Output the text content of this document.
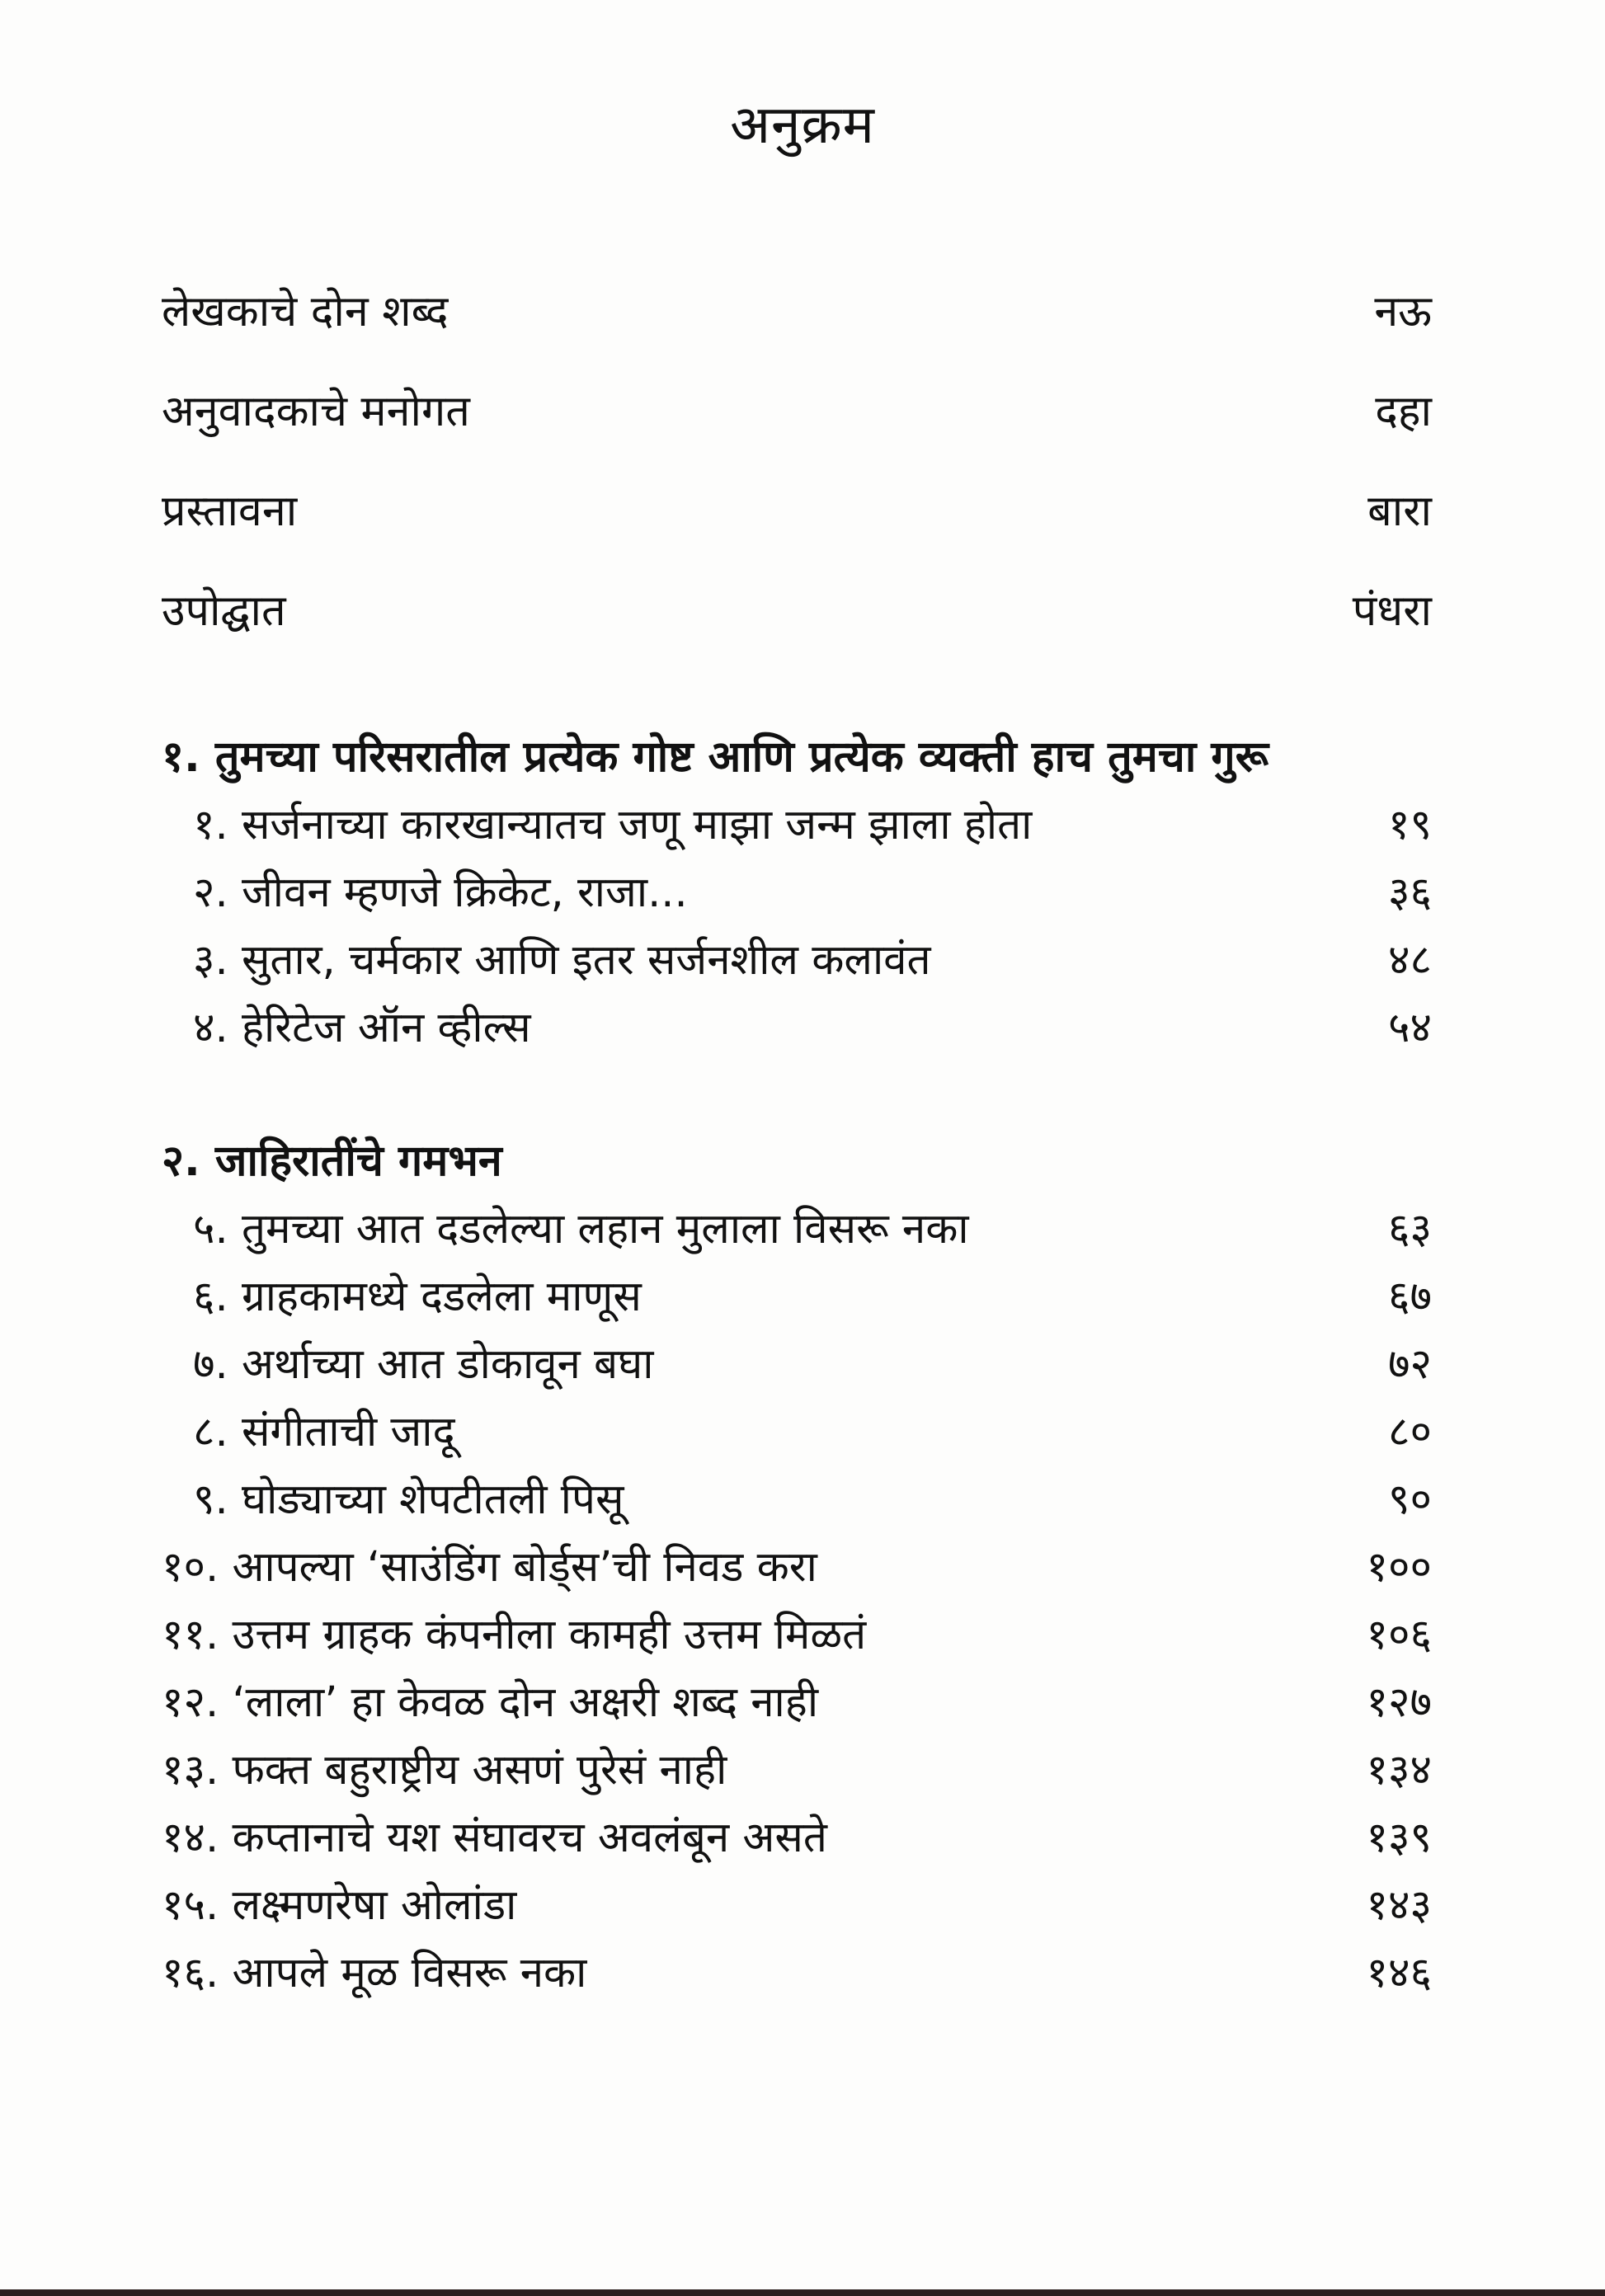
अनुक्रम
लेखकाचे दोन शब्द	नऊ
अनुवादकाचे मनोगत	दहा
प्रस्तावना	बारा
उपोद्घात	पंधरा
१. तुमच्या परिसरातील प्रत्येक गोष्ट आणि प्रत्येक व्यक्ती हाच तुमचा गुरू
१. सर्जनाच्या कारखान्यातच जणू माझा जन्म झाला होता	१९
२. जीवन म्हणजे क्रिकेट, राजा...	३६
३. सुतार, चर्मकार आणि इतर सर्जनशील कलावंत	४८
४. हेरिटेज ऑन व्हील्स	५४
२. जाहिरातींचे गमभन
५. तुमच्या आत दडलेल्या लहान मुलाला विसरू नका	६३
६. ग्राहकामध्ये दडलेला माणूस	६७
७. अर्थाच्या आत डोकावून बघा	७२
८. संगीताची जादू	८०
९. घोड्याच्या शेपटीतली पिसू	९०
१०. आपल्या ‘साउंडिंग बोर्ड्स’ची निवड करा	१००
११. उत्तम ग्राहक कंपनीला कामही उत्तम मिळतं	१०६
१२. ‘लाला’ हा केवळ दोन अक्षरी शब्द नाही	१२७
१३. फक्त बहुराष्ट्रीय असणं पुरेसं नाही	१३४
१४. कप्तानाचे यश संघावरच अवलंबून असते	१३९
१५. लक्ष्मणरेषा ओलांडा	१४३
१६. आपले मूळ विसरू नका	१४६
